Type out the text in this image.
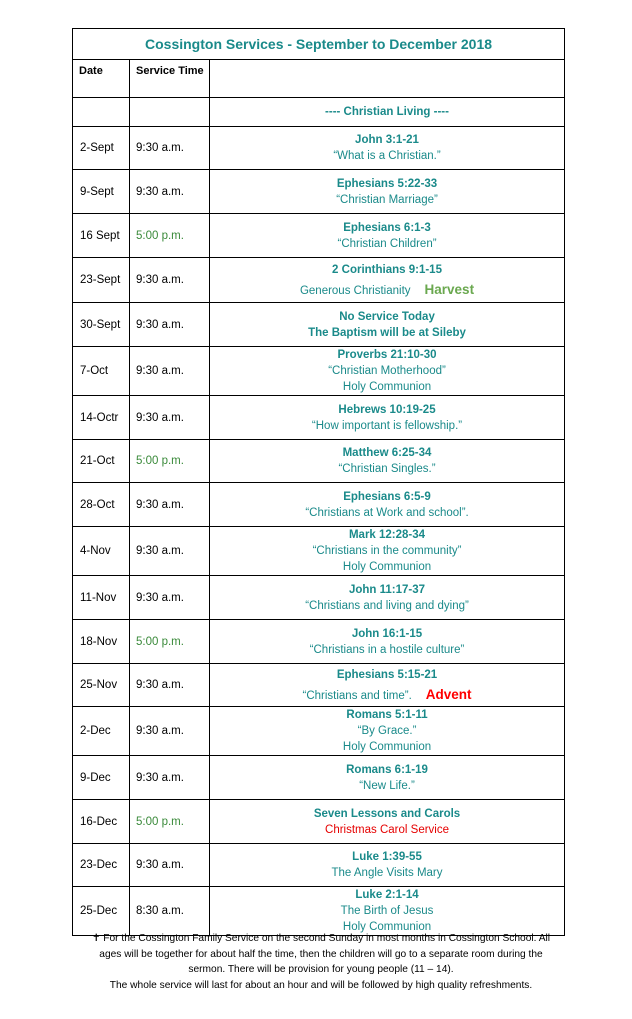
Cossington Services - September to December 2018		
Date	Service Time	
		---- Christian Living ----
2-Sept	9:30 a.m.	John 3:1-21
“What is a Christian.”

9-Sept	9:30 a.m.	Ephesians 5:22-33
“Christian Marriage”

16 Sept	5:00 p.m.	Ephesians 6:1-3
“Christian Children”

23-Sept	9:30 a.m.	2 Corinthians 9:1-15
Generous Christianity Harvest

30-Sept	9:30 a.m.	No Service Today
The Baptism will be at Sileby

7-Oct	9:30 a.m.	Proverbs 21:10-30
“Christian Motherhood”
Holy Communion

14-Octr	9:30 a.m.	Hebrews 10:19-25
“How important is fellowship.”

21-Oct	5:00 p.m.	Matthew 6:25-34
“Christian Singles.”

28-Oct	9:30 a.m.	Ephesians 6:5-9
“Christians at Work and school”.

4-Nov	9:30 a.m.	Mark 12:28-34
“Christians in the community”
Holy Communion

11-Nov	9:30 a.m.	John 11:17-37
“Christians and living and dying”

18-Nov	5:00 p.m.	John 16:1-15
“Christians in a hostile culture”

25-Nov	9:30 a.m.	Ephesians 5:15-21
“Christians and time”. Advent

2-Dec	9:30 a.m.	Romans 5:1-11
“By Grace.”
Holy Communion

9-Dec	9:30 a.m.	Romans 6:1-19
“New Life.”

16-Dec	5:00 p.m.	Seven Lessons and Carols
Christmas Carol Service

23-Dec	9:30 a.m.	Luke 1:39-55
The Angle Visits Mary

25-Dec	8:30 a.m.	Luke 2:1-14
The Birth of Jesus
Holy Communion
✝ For the Cossington Family Service on the second Sunday in most months in Cossington School. All
ages will be together for about half the time, then the children will go to a separate room during the
sermon. There will be provision for young people (11 – 14).
The whole service will last for about an hour and will be followed by high quality refreshments.
